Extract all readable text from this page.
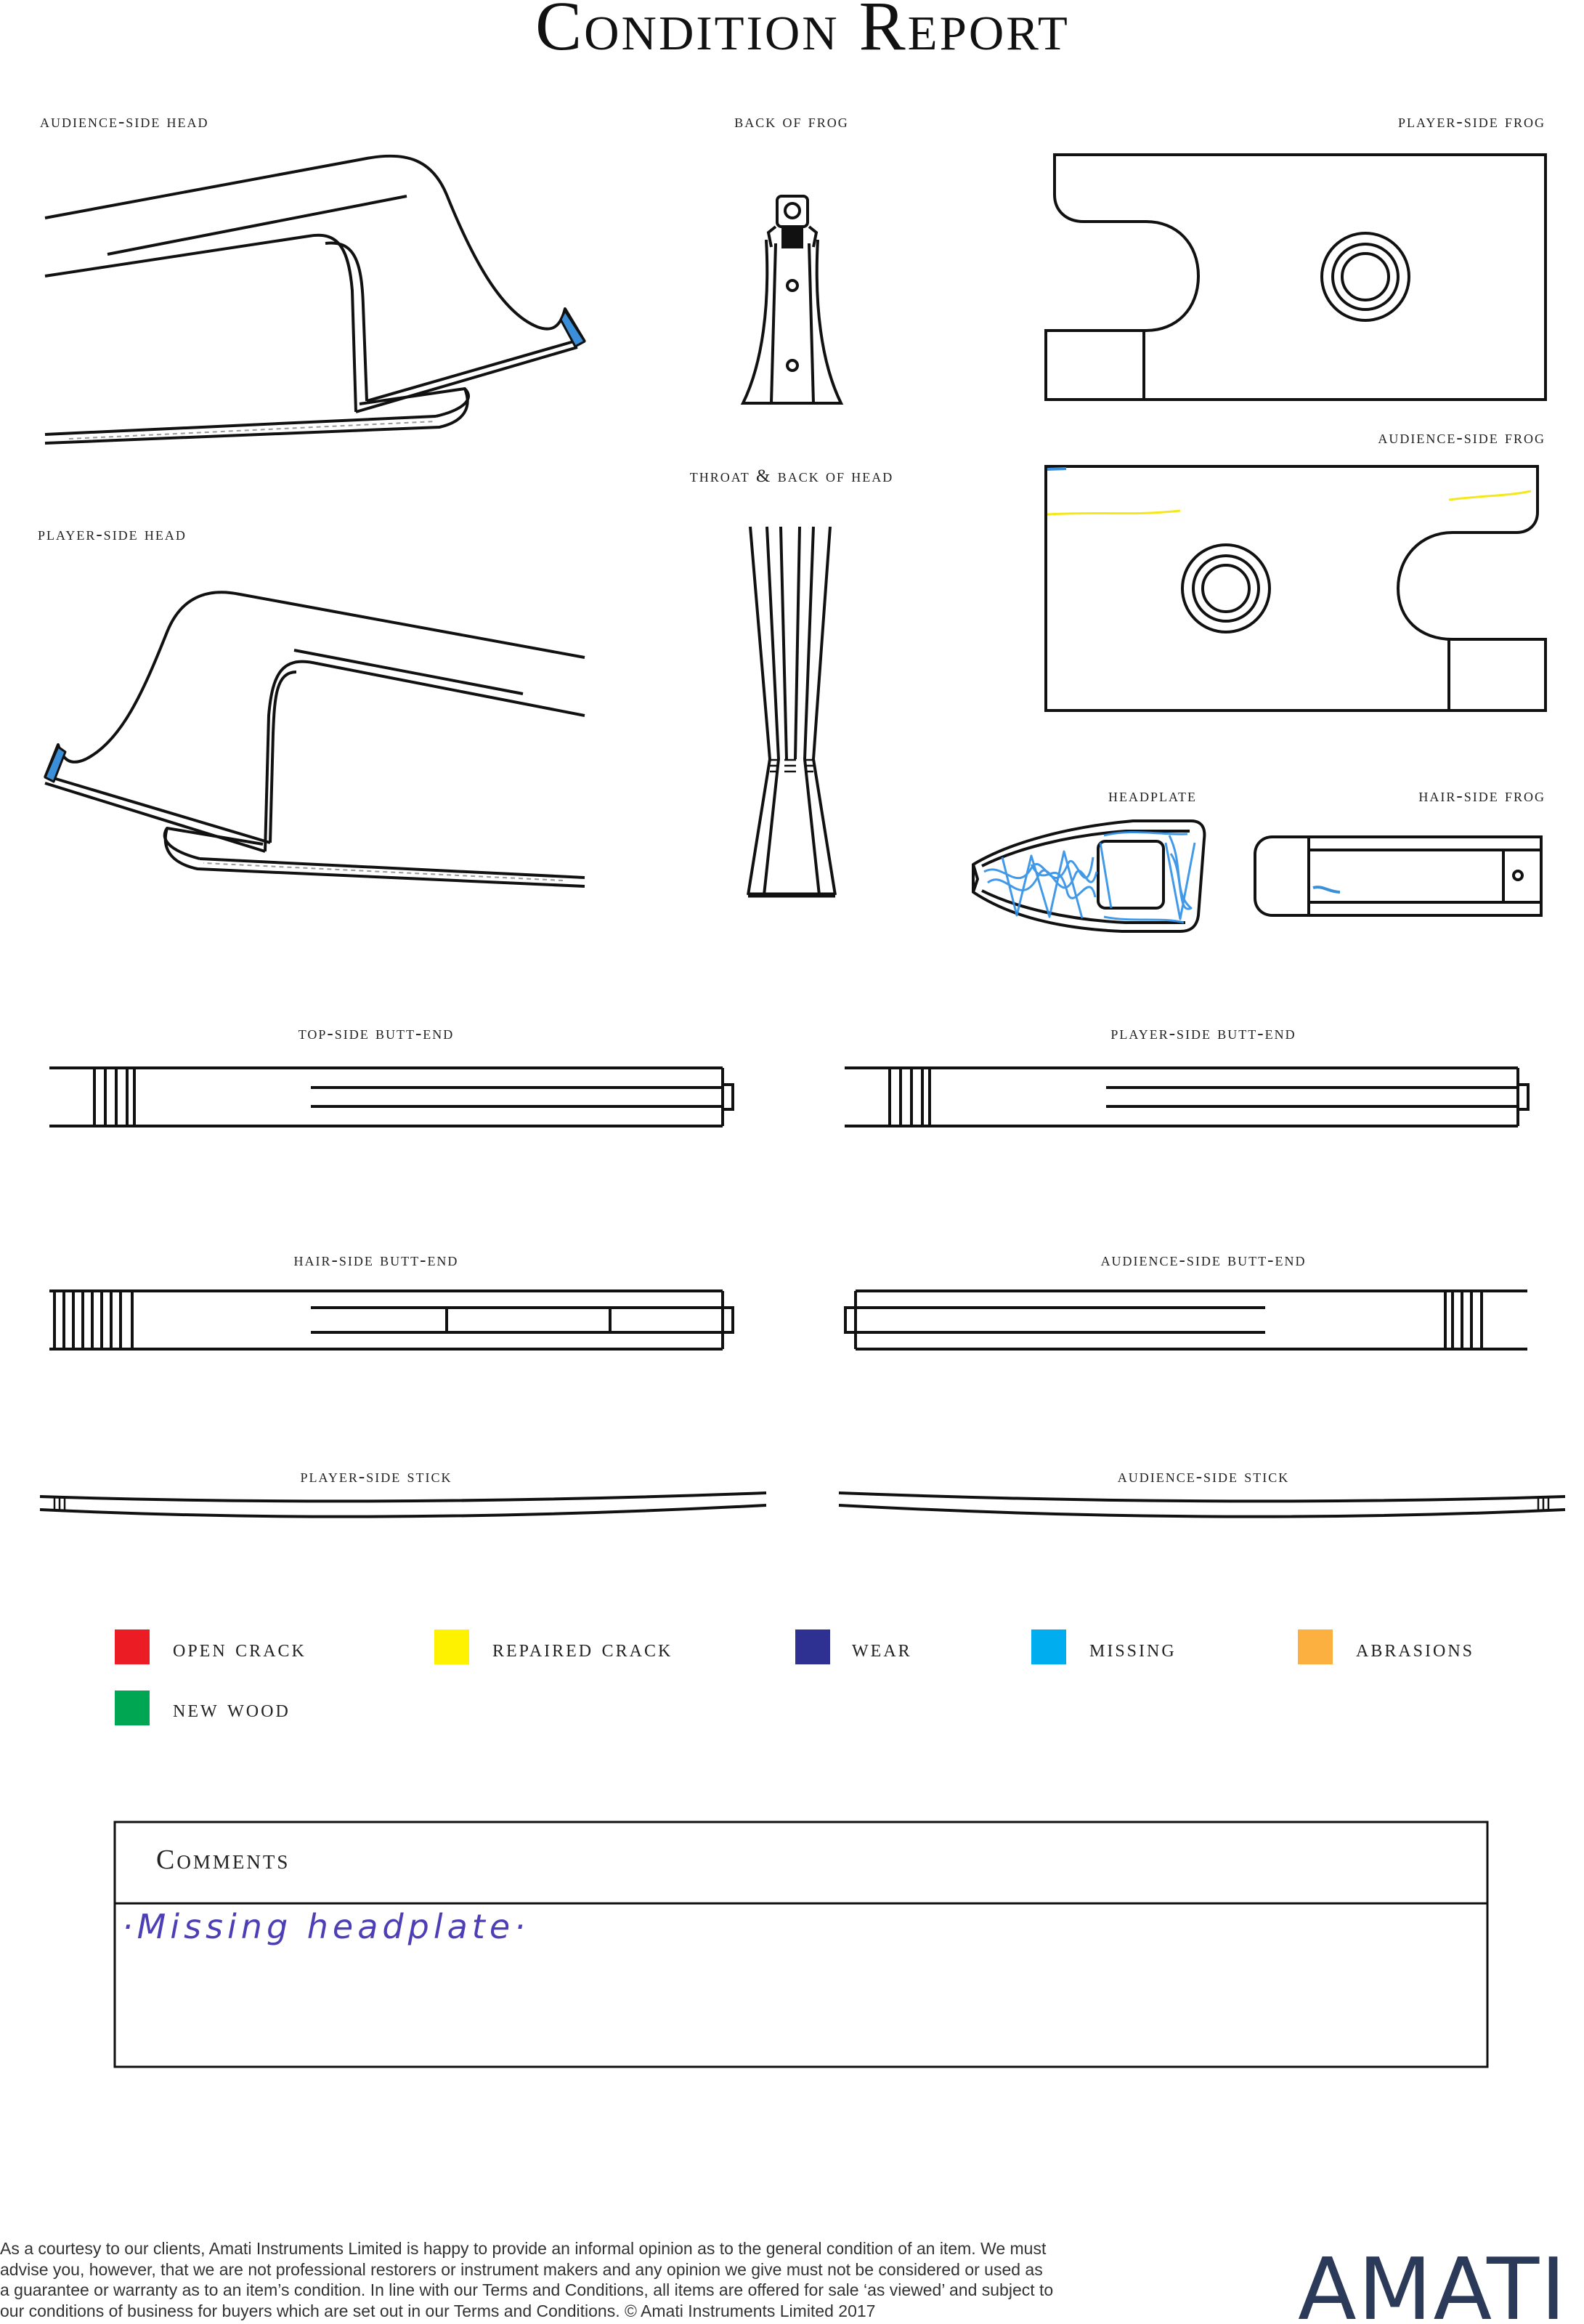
Condition Report
audience-side head	back of frog	player-side frog
audience-side frog
throat & back of head
player-side head
headplate	hair-side frog
top-side butt-end	player-side butt-end
hair-side butt-end	audience-side butt-end
player-side stick	audience-side stick
open crack	repaired crack	wear	missing	abrasions
new wood
Comments
·Missing headplate·
As a courtesy to our clients, Amati Instruments Limited is happy to provide an informal opinion as to the general condition of an item. We must
advise you, however, that we are not professional restorers or instrument makers and any opinion we give must not be considered or used as
a guarantee or warranty as to an item’s condition. In line with our Terms and Conditions, all items are offered for sale ‘as viewed’ and subject to
our conditions of business for buyers which are set out in our Terms and Conditions. © Amati Instruments Limited 2017	AMATI
